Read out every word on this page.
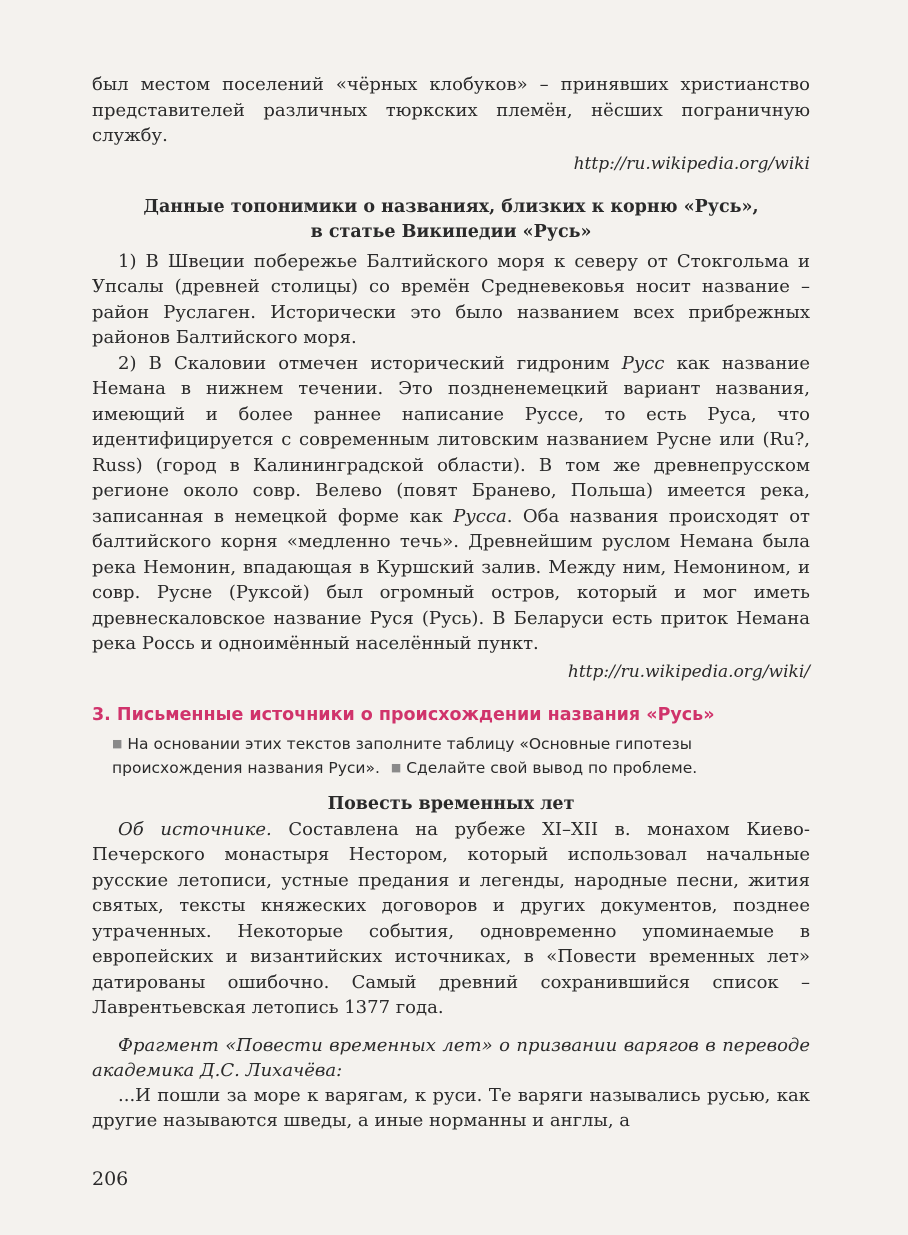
был местом поселений «чёрных клобуков» – принявших христианство представителей различных тюркских племён, нёсших пограничную службу.

http://ru.wikipedia.org/wiki

Данные топонимики о названиях, близких к корню «Русь»,
в статье Википедии «Русь»

1) В Швеции побережье Балтийского моря к северу от Стокгольма и Упсалы (древней столицы) со времён Средневековья носит название – район Руслаген. Исторически это было названием всех прибрежных районов Балтийского моря.

2) В Скаловии отмечен исторический гидроним Русс как название Немана в нижнем течении. Это поздненемецкий вариант названия, имеющий и более раннее написание Руссе, то есть Руса, что идентифицируется с современным литовским названием Русне или (Ru?, Russ) (город в Калининградской области). В том же древнепрусском регионе около совр. Велево (повят Бранево, Польша) имеется река, записанная в немецкой форме как Русса. Оба названия происходят от балтийского корня «медленно течь». Древнейшим руслом Немана была река Немонин, впадающая в Куршский залив. Между ним, Немонином, и совр. Русне (Руксой) был огромный остров, который и мог иметь древнескаловское название Руся (Русь). В Беларуси есть приток Немана река Россь и одноимённый населённый пункт.

http://ru.wikipedia.org/wiki/

3. Письменные источники о происхождении названия «Русь»
■ На основании этих текстов заполните таблицу «Основные гипотезы происхождения названия Руси». ■ Сделайте свой вывод по проблеме.
Повесть временных лет

Об источнике. Составлена на рубеже XI–XII в. монахом Киево-Печерского монастыря Нестором, который использовал начальные русские летописи, устные предания и легенды, народные песни, жития святых, тексты княжеских договоров и других документов, позднее утраченных. Некоторые события, одновременно упоминаемые в европейских и византийских источниках, в «Повести временных лет» датированы ошибочно. Самый древний сохранившийся список – Лаврентьевская летопись 1377 года.

Фрагмент «Повести временных лет» о призвании варягов в переводе академика Д.С. Лихачёва:

...И пошли за море к варягам, к руси. Те варяги назывались русью, как другие называются шведы, а иные норманны и англы, а

206
